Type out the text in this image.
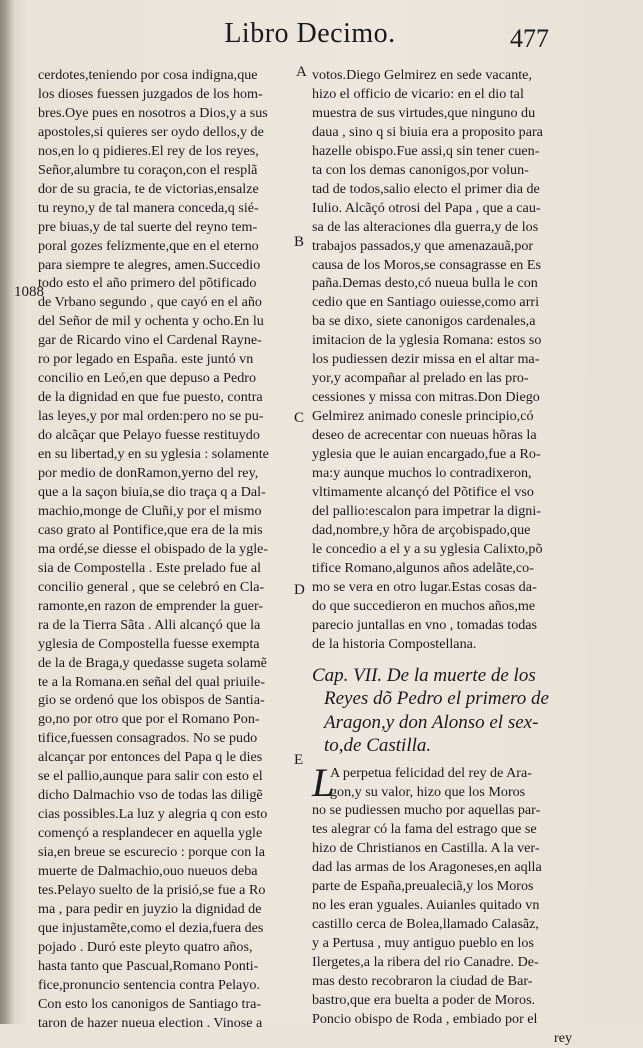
Libro Decimo.	477
1088
A
B
C
D
E
cerdotes,teniendo por cosa indigna,que
los dioses fuessen juzgados de los hom-
bres.Oye pues en nosotros a Dios,y a sus
apostoles,si quieres ser oydo dellos,y de
nos,en lo q pidieres.El rey de los reyes,
Señor,alumbre tu coraçon,con el resplã
dor de su gracia, te de victorias,ensalze
tu reyno,y de tal manera conceda,q sié-
pre biuas,y de tal suerte del reyno tem-
poral gozes felizmente,que en el eterno
para siempre te alegres, amen.Succedio
todo esto el año primero del põtificado
de Vrbano segundo , que cayó en el año
del Señor de mil y ochenta y ocho.En lu
gar de Ricardo vino el Cardenal Rayne-
ro por legado en España. este juntó vn
concilio en Leó,en que depuso a Pedro
de la dignidad en que fue puesto, contra
las leyes,y por mal orden:pero no se pu-
do alcãçar que Pelayo fuesse restituydo
en su libertad,y en su yglesia : solamente
por medio de donRamon,yerno del rey,
que a la saçon biuia,se dio traça q a Dal-
machio,monge de Cluñi,y por el mismo
caso grato al Pontifice,que era de la mis
ma ordé,se diesse el obispado de la ygle-
sia de Compostella . Este prelado fue al
concilio general , que se celebró en Cla-
ramonte,en razon de emprender la guer-
ra de la Tierra Sãta . Alli alcançó que la
yglesia de Compostella fuesse exempta
de la de Braga,y quedasse sugeta solamẽ
te a la Romana.en señal del qual priuile-
gio se ordenó que los obispos de Santia-
go,no por otro que por el Romano Pon-
tifice,fuessen consagrados. No se pudo
alcançar por entonces del Papa q le dies
se el pallio,aunque para salir con esto el
dicho Dalmachio vso de todas las diligẽ
cias possibles.La luz y alegria q con esto
començó a resplandecer en aquella ygle
sia,en breue se escurecio : porque con la
muerte de Dalmachio,ouo nueuos deba
tes.Pelayo suelto de la prisió,se fue a Ro
ma , para pedir en juyzio la dignidad de
que injustamẽte,como el dezia,fuera des
pojado . Duró este pleyto quatro años,
hasta tanto que Pascual,Romano Ponti-
fice,pronuncio sentencia contra Pelayo.
Con esto los canonigos de Santiago tra-
taron de hazer nueua election . Vinose a
votos.Diego Gelmirez en sede vacante,
hizo el officio de vicario: en el dio tal
muestra de sus virtudes,que ninguno du
daua , sino q si biuia era a proposito para
hazelle obispo.Fue assi,q sin tener cuen-
ta con los demas canonigos,por volun-
tad de todos,salio electo el primer dia de
Iulio. Alcãçó otrosi del Papa , que a cau-
sa de las alteraciones dla guerra,y de los
trabajos passados,y que amenazauã,por
causa de los Moros,se consagrasse en Es
paña.Demas desto,có nueua bulla le con
cedio que en Santiago ouiesse,como arri
ba se dixo, siete canonigos cardenales,a
imitacion de la yglesia Romana: estos so
los pudiessen dezir missa en el altar ma-
yor,y acompañar al prelado en las pro-
cessiones y missa con mitras.Don Diego
Gelmirez animado conesle principio,có
deseo de acrecentar con nueuas hõras la
yglesia que le auian encargado,fue a Ro-
ma:y aunque muchos lo contradixeron,
vltimamente alcançó del Põtifice el vso
del pallio:escalon para impetrar la digni-
dad,nombre,y hõra de arçobispado,que
le concedio a el y a su yglesia Calixto,põ
tifice Romano,algunos años adelãte,co-
mo se vera en otro lugar.Estas cosas da-
do que succedieron en muchos años,me
parecio juntallas en vno , tomadas todas
de la historia Compostellana.
Cap. VII. De la muerte de los
Reyes dõ Pedro el primero de
Aragon,y don Alonso el sex-
to,de Castilla.
L
A perpetua felicidad del rey de Ara-
gon,y su valor, hizo que los Moros
no se pudiessen mucho por aquellas par-
tes alegrar có la fama del estrago que se
hizo de Christianos en Castilla. A la ver-
dad las armas de los Aragoneses,en aqlla
parte de España,preualeciã,y los Moros
no les eran yguales. Auianles quitado vn
castillo cerca de Bolea,llamado Calasãz,
y a Pertusa , muy antiguo pueblo en los
Ilergetes,a la ribera del rio Canadre. De-
mas desto recobraron la ciudad de Bar-
bastro,que era buelta a poder de Moros.
Poncio obispo de Roda , embiado por el
rey
